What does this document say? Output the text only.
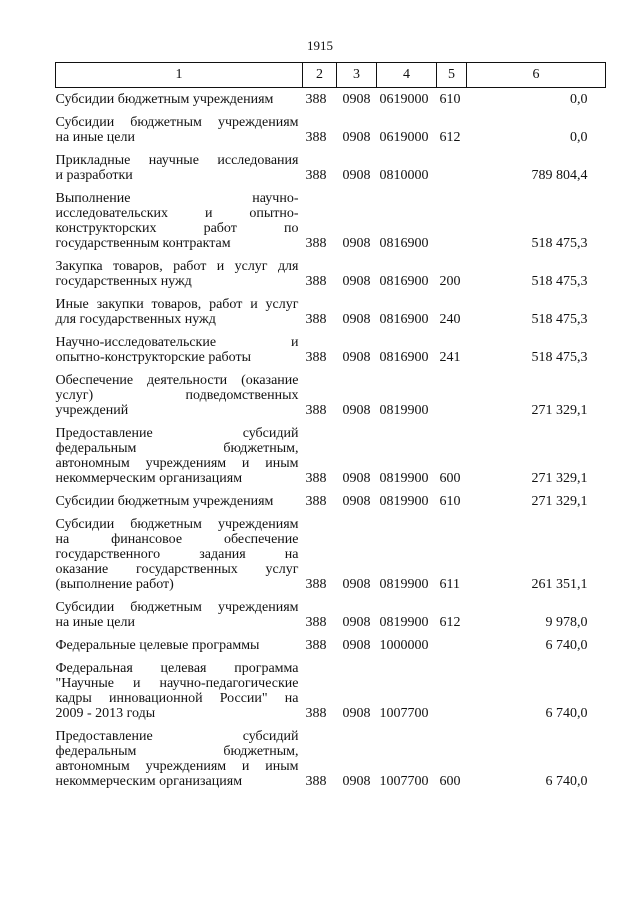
1915
1	2	3	4	5	6

Субсидии бюджетным учреждениям	388	0908	0619000	610	0,0

Субсидии бюджетным учреждениям
на иные цели	388	0908	0619000	612	0,0

Прикладные научные исследования
и разработки	388	0908	0810000		789 804,4

Выполнение научно-
исследовательских и опытно-
конструкторских работ по
государственным контрактам	388	0908	0816900		518 475,3

Закупка товаров, работ и услуг для
государственных нужд	388	0908	0816900	200	518 475,3

Иные закупки товаров, работ и услуг
для государственных нужд	388	0908	0816900	240	518 475,3

Научно-исследовательские и
опытно-конструкторские работы	388	0908	0816900	241	518 475,3

Обеспечение деятельности (оказание
услуг) подведомственных
учреждений	388	0908	0819900		271 329,1

Предоставление субсидий
федеральным бюджетным,
автономным учреждениям и иным
некоммерческим организациям	388	0908	0819900	600	271 329,1

Субсидии бюджетным учреждениям	388	0908	0819900	610	271 329,1

Субсидии бюджетным учреждениям
на финансовое обеспечение
государственного задания на
оказание государственных услуг
(выполнение работ)	388	0908	0819900	611	261 351,1

Субсидии бюджетным учреждениям
на иные цели	388	0908	0819900	612	9 978,0

Федеральные целевые программы	388	0908	1000000		6 740,0

Федеральная целевая программа
"Научные и научно-педагогические
кадры инновационной России" на
2009 - 2013 годы	388	0908	1007700		6 740,0

Предоставление субсидий
федеральным бюджетным,
автономным учреждениям и иным
некоммерческим организациям	388	0908	1007700	600	6 740,0
